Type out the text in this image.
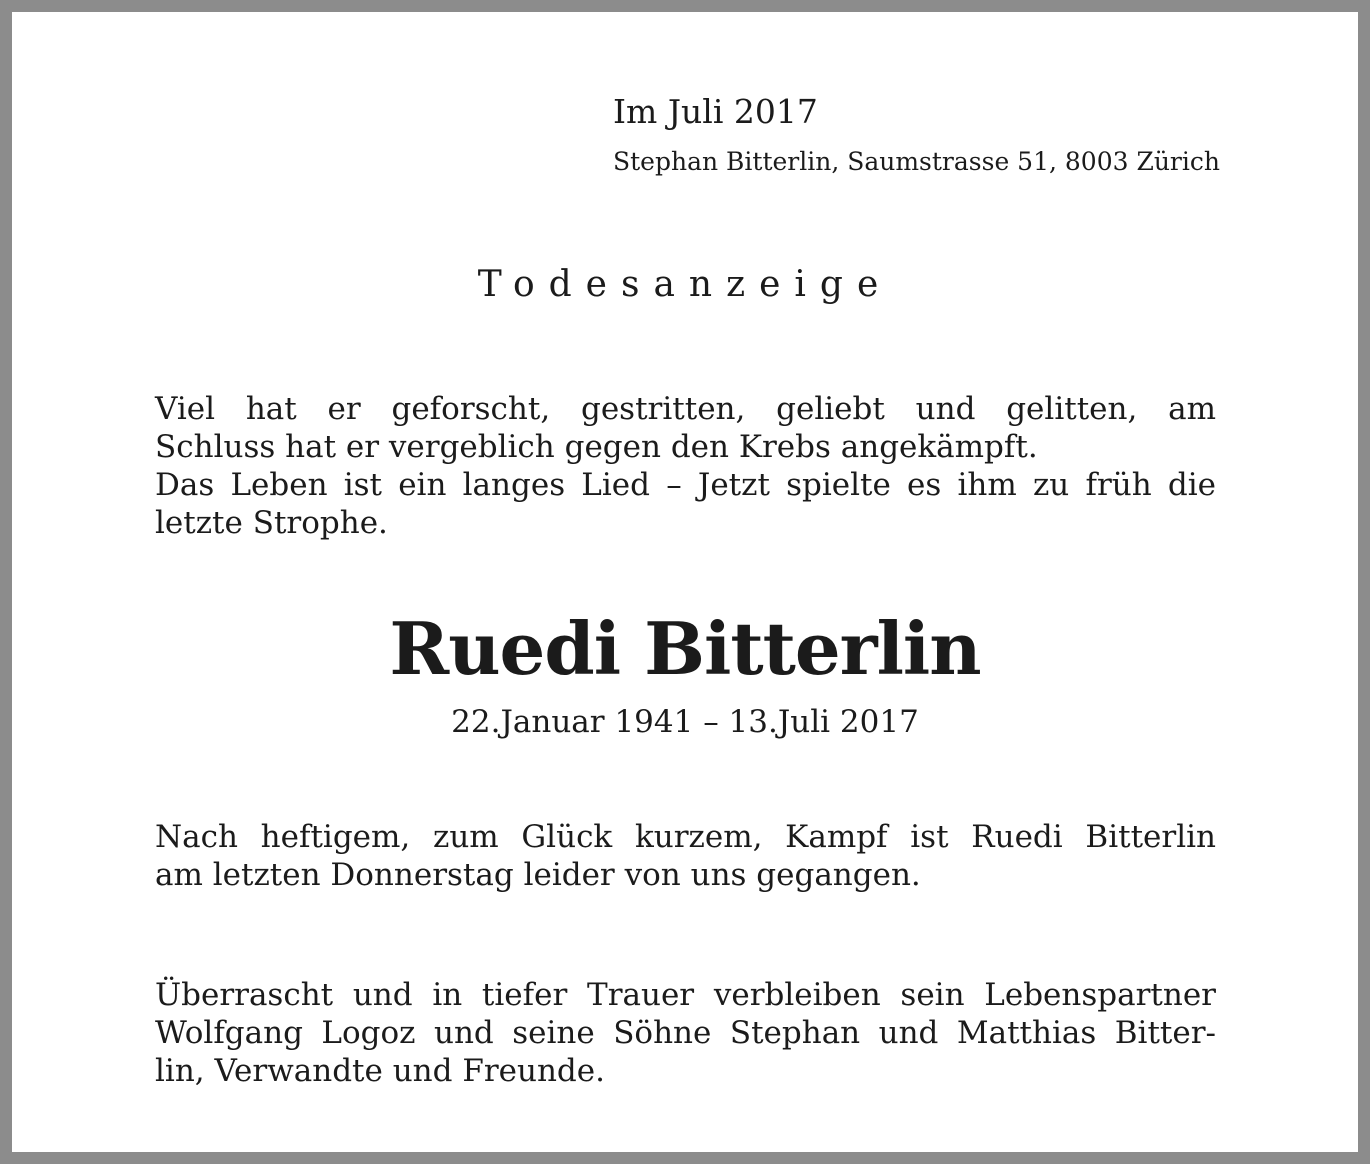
Im Juli 2017
Stephan Bitterlin, Saumstrasse 51, 8003 Zürich
Todesanzeige
Viel hat er geforscht, gestritten, geliebt und gelitten, am
Schluss hat er vergeblich gegen den Krebs angekämpft.
Das Leben ist ein langes Lied – Jetzt spielte es ihm zu früh die
letzte Strophe.
Ruedi Bitterlin
22.Januar 1941 – 13.Juli 2017
Nach heftigem, zum Glück kurzem, Kampf ist Ruedi Bitterlin
am letzten Donnerstag leider von uns gegangen.
Überrascht und in tiefer Trauer verbleiben sein Lebenspartner
Wolfgang Logoz und seine Söhne Stephan und Matthias Bitter-
lin, Verwandte und Freunde.
